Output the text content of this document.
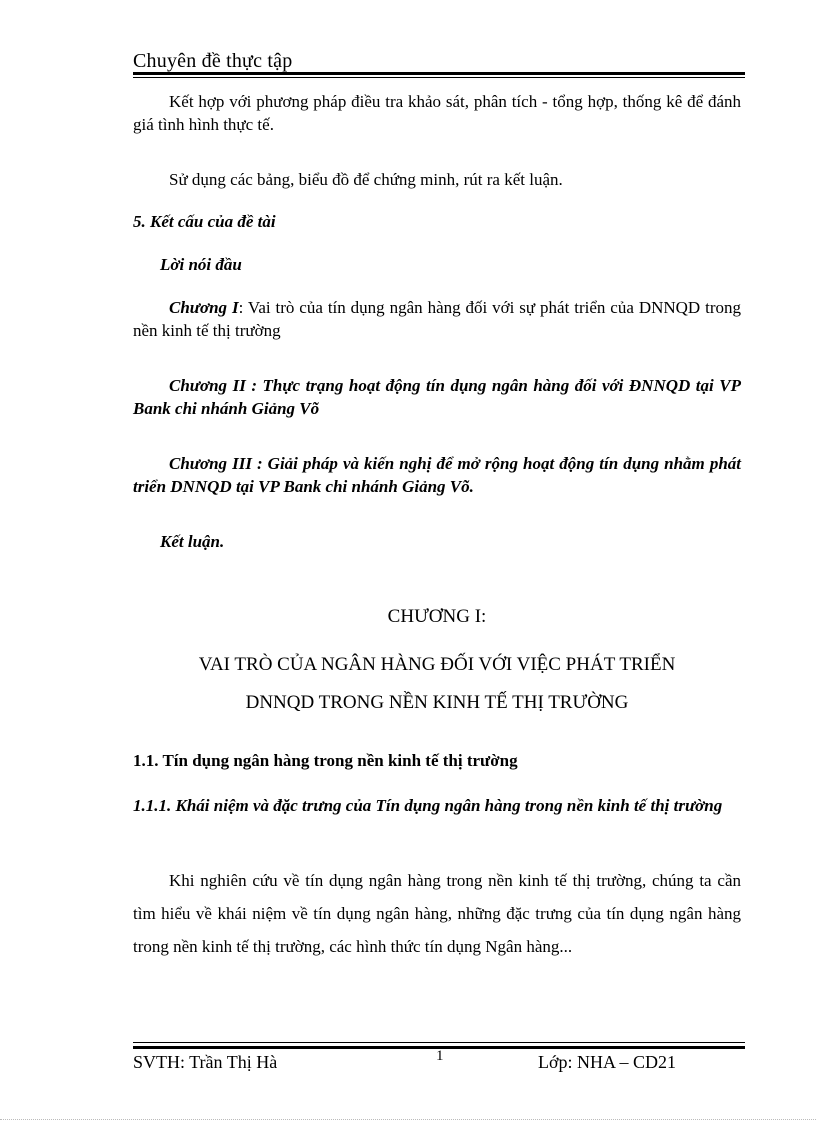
Chuyên đề thực tập
Kết hợp với phương pháp điều tra khảo sát, phân tích - tổng hợp, thống kê để đánh giá tình hình thực tế.
Sử dụng các bảng, biểu đồ để chứng minh, rút ra kết luận.
5. Kết cấu của đề tài
Lời nói đầu
Chương I: Vai trò của tín dụng ngân hàng đối với sự phát triển của DNNQD trong nền kinh tế thị trường
Chương II : Thực trạng hoạt động tín dụng ngân hàng đối với ĐNNQD tại VP Bank chi nhánh Giảng Võ
Chương III : Giải pháp và kiến nghị để mở rộng hoạt động tín dụng nhằm phát triển DNNQD tại VP Bank chi nhánh Giảng Võ.
Kết luận.
CHƯƠNG I:
VAI TRÒ CỦA NGÂN HÀNG ĐỐI VỚI VIỆC PHÁT TRIỂN
DNNQD TRONG NỀN KINH TẾ THỊ TRƯỜNG
1.1. Tín dụng ngân hàng trong nền kinh tế thị trường
1.1.1. Khái niệm và đặc trưng của Tín dụng ngân hàng trong nền kinh tế thị trường
Khi nghiên cứu về tín dụng ngân hàng trong nền kinh tế thị trường, chúng ta cần tìm hiểu về khái niệm về tín dụng ngân hàng, những đặc trưng của tín dụng ngân hàng trong nền kinh tế thị trường, các hình thức tín dụng Ngân hàng...
SVTH: Trần Thị Hà	1	Lớp: NHA – CD21
